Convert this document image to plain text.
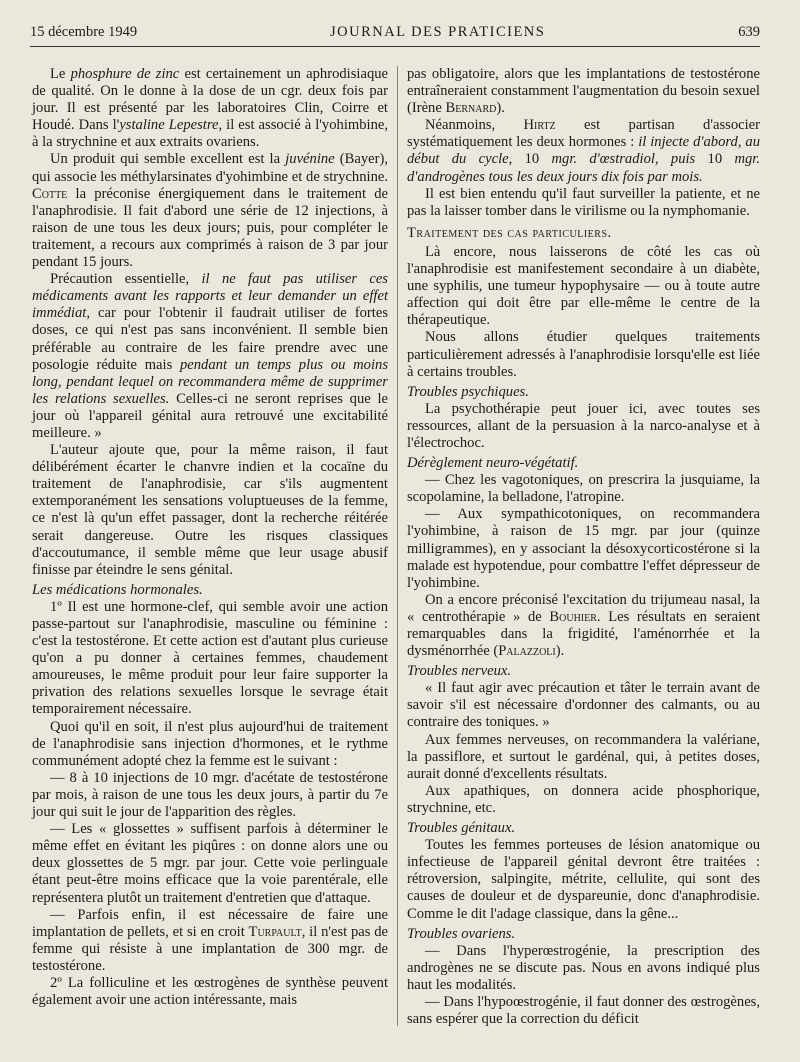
15 décembre 1949	JOURNAL DES PRATICIENS	639

Le phosphure de zinc est certainement un aphrodisiaque de qualité. On le donne à la dose de un cgr. deux fois par jour. Il est présenté par les laboratoires Clin, Coirre et Houdé. Dans l'ystaline Lepestre, il est associé à l'yohimbine, à la strychnine et aux extraits ovariens.

Un produit qui semble excellent est la juvénine (Bayer), qui associe les méthylarsinates d'yohimbine et de strychnine. Cotte la préconise énergiquement dans le traitement de l'anaphrodisie. Il fait d'abord une série de 12 injections, à raison de une tous les deux jours; puis, pour compléter le traitement, a recours aux comprimés à raison de 3 par jour pendant 15 jours.

Précaution essentielle, il ne faut pas utiliser ces médicaments avant les rapports et leur demander un effet immédiat, car pour l'obtenir il faudrait utiliser de fortes doses, ce qui n'est pas sans inconvénient. Il semble bien préférable au contraire de les faire prendre avec une posologie réduite mais pendant un temps plus ou moins long, pendant lequel on recommandera même de supprimer les relations sexuelles. Celles-ci ne seront reprises que le jour où l'appareil génital aura retrouvé une excitabilité meilleure. »

L'auteur ajoute que, pour la même raison, il faut délibérément écarter le chanvre indien et la cocaïne du traitement de l'anaphrodisie, car s'ils augmentent extemporanément les sensations voluptueuses de la femme, ce n'est là qu'un effet passager, dont la recherche réitérée serait dangereuse. Outre les risques classiques d'accoutumance, il semble même que leur usage abusif finisse par éteindre le sens génital.

Les médications hormonales.

1º Il est une hormone-clef, qui semble avoir une action passe-partout sur l'anaphrodisie, masculine ou féminine : c'est la testostérone. Et cette action est d'autant plus curieuse qu'on a pu donner à certaines femmes, chaudement amoureuses, le même produit pour leur faire supporter la privation des relations sexuelles lorsque le sevrage était temporairement nécessaire.

Quoi qu'il en soit, il n'est plus aujourd'hui de traitement de l'anaphrodisie sans injection d'hormones, et le rythme communément adopté chez la femme est le suivant :

— 8 à 10 injections de 10 mgr. d'acétate de testostérone par mois, à raison de une tous les deux jours, à partir du 7e jour qui suit le jour de l'apparition des règles.

— Les « glossettes » suffisent parfois à déterminer le même effet en évitant les piqûres : on donne alors une ou deux glossettes de 5 mgr. par jour. Cette voie perlinguale étant peut-être moins efficace que la voie parentérale, elle représentera plutôt un traitement d'entretien que d'attaque.

— Parfois enfin, il est nécessaire de faire une implantation de pellets, et si en croit Turpault, il n'est pas de femme qui résiste à une implantation de 300 mgr. de testostérone.

2º La folliculine et les œstrogènes de synthèse peuvent également avoir une action intéressante, mais

pas obligatoire, alors que les implantations de testostérone entraîneraient constamment l'augmentation du besoin sexuel (Irène Bernard).

Néanmoins, Hirtz est partisan d'associer systématiquement les deux hormones : il injecte d'abord, au début du cycle, 10 mgr. d'œstradiol, puis 10 mgr. d'androgènes tous les deux jours dix fois par mois.

Il est bien entendu qu'il faut surveiller la patiente, et ne pas la laisser tomber dans le virilisme ou la nymphomanie.

Traitement des cas particuliers.

Là encore, nous laisserons de côté les cas où l'anaphrodisie est manifestement secondaire à un diabète, une syphilis, une tumeur hypophysaire — ou à toute autre affection qui doit être par elle-même le centre de la thérapeutique.

Nous allons étudier quelques traitements particulièrement adressés à l'anaphrodisie lorsqu'elle est liée à certains troubles.

Troubles psychiques.

La psychothérapie peut jouer ici, avec toutes ses ressources, allant de la persuasion à la narco-analyse et à l'électrochoc.

Dérèglement neuro-végétatif.

— Chez les vagotoniques, on prescrira la jusquiame, la scopolamine, la belladone, l'atropine.

— Aux sympathicotoniques, on recommandera l'yohimbine, à raison de 15 mgr. par jour (quinze milligrammes), en y associant la désoxycorticostérone si la malade est hypotendue, pour combattre l'effet dépresseur de l'yohimbine.

On a encore préconisé l'excitation du trijumeau nasal, la « centrothérapie » de Bouhier. Les résultats en seraient remarquables dans la frigidité, l'aménorrhée et la dysménorrhée (Palazzoli).

Troubles nerveux.

« Il faut agir avec précaution et tâter le terrain avant de savoir s'il est nécessaire d'ordonner des calmants, ou au contraire des toniques. »

Aux femmes nerveuses, on recommandera la valériane, la passiflore, et surtout le gardénal, qui, à petites doses, aurait donné d'excellents résultats.

Aux apathiques, on donnera acide phosphorique, strychnine, etc.

Troubles génitaux.

Toutes les femmes porteuses de lésion anatomique ou infectieuse de l'appareil génital devront être traitées : rétroversion, salpingite, métrite, cellulite, qui sont des causes de douleur et de dyspareunie, donc d'anaphrodisie. Comme le dit l'adage classique, dans la gêne...

Troubles ovariens.

— Dans l'hyperœstrogénie, la prescription des androgènes ne se discute pas. Nous en avons indiqué plus haut les modalités.

— Dans l'hypoœstrogénie, il faut donner des œstrogènes, sans espérer que la correction du déficit
